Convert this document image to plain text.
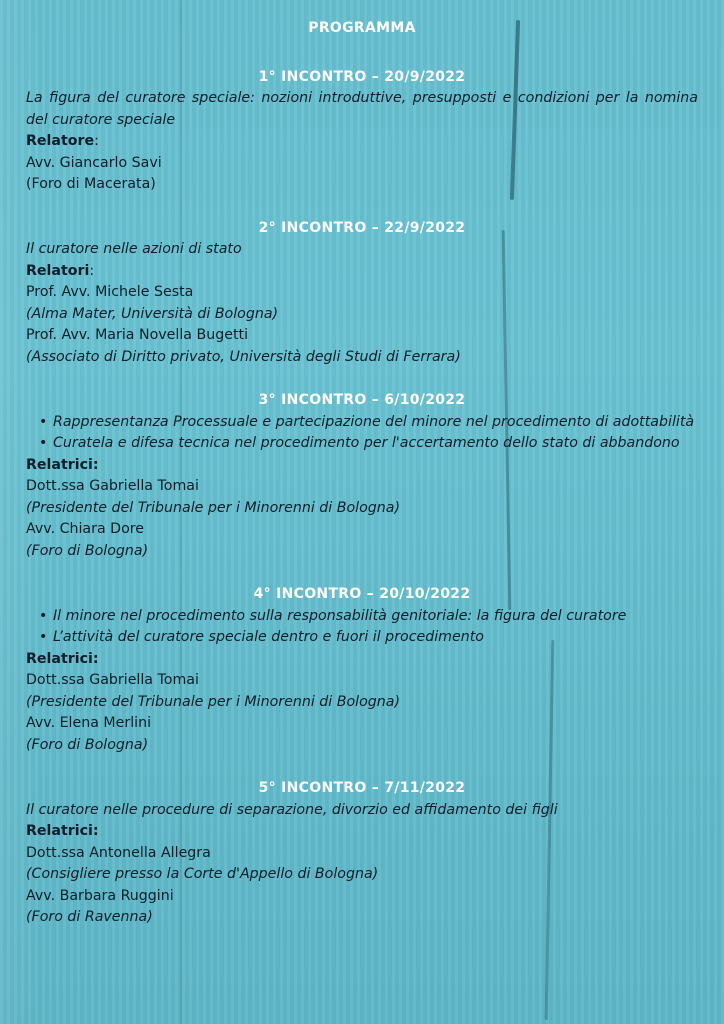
PROGRAMMA
1° INCONTRO – 20/9/2022
La figura del curatore speciale: nozioni introduttive, presupposti e condizioni per la nomina del curatore speciale
Relatore:
Avv. Giancarlo Savi
(Foro di Macerata)
2° INCONTRO – 22/9/2022
Il curatore nelle azioni di stato
Relatori:
Prof. Avv. Michele Sesta
(Alma Mater, Università di Bologna)
Prof. Avv. Maria Novella Bugetti
(Associato di Diritto privato, Università degli Studi di Ferrara)
3° INCONTRO – 6/10/2022
• Rappresentanza Processuale e partecipazione del minore nel procedimento di adottabilità
• Curatela e difesa tecnica nel procedimento per l'accertamento dello stato di abbandono
Relatrici:
Dott.ssa Gabriella Tomai
(Presidente del Tribunale per i Minorenni di Bologna)
Avv. Chiara Dore
(Foro di Bologna)
4° INCONTRO – 20/10/2022
• Il minore nel procedimento sulla responsabilità genitoriale: la figura del curatore
• L’attività del curatore speciale dentro e fuori il procedimento
Relatrici:
Dott.ssa Gabriella Tomai
(Presidente del Tribunale per i Minorenni di Bologna)
Avv. Elena Merlini
(Foro di Bologna)
5° INCONTRO – 7/11/2022
Il curatore nelle procedure di separazione, divorzio ed affidamento dei figli
Relatrici:
Dott.ssa Antonella Allegra
(Consigliere presso la Corte d'Appello di Bologna)
Avv. Barbara Ruggini
(Foro di Ravenna)
